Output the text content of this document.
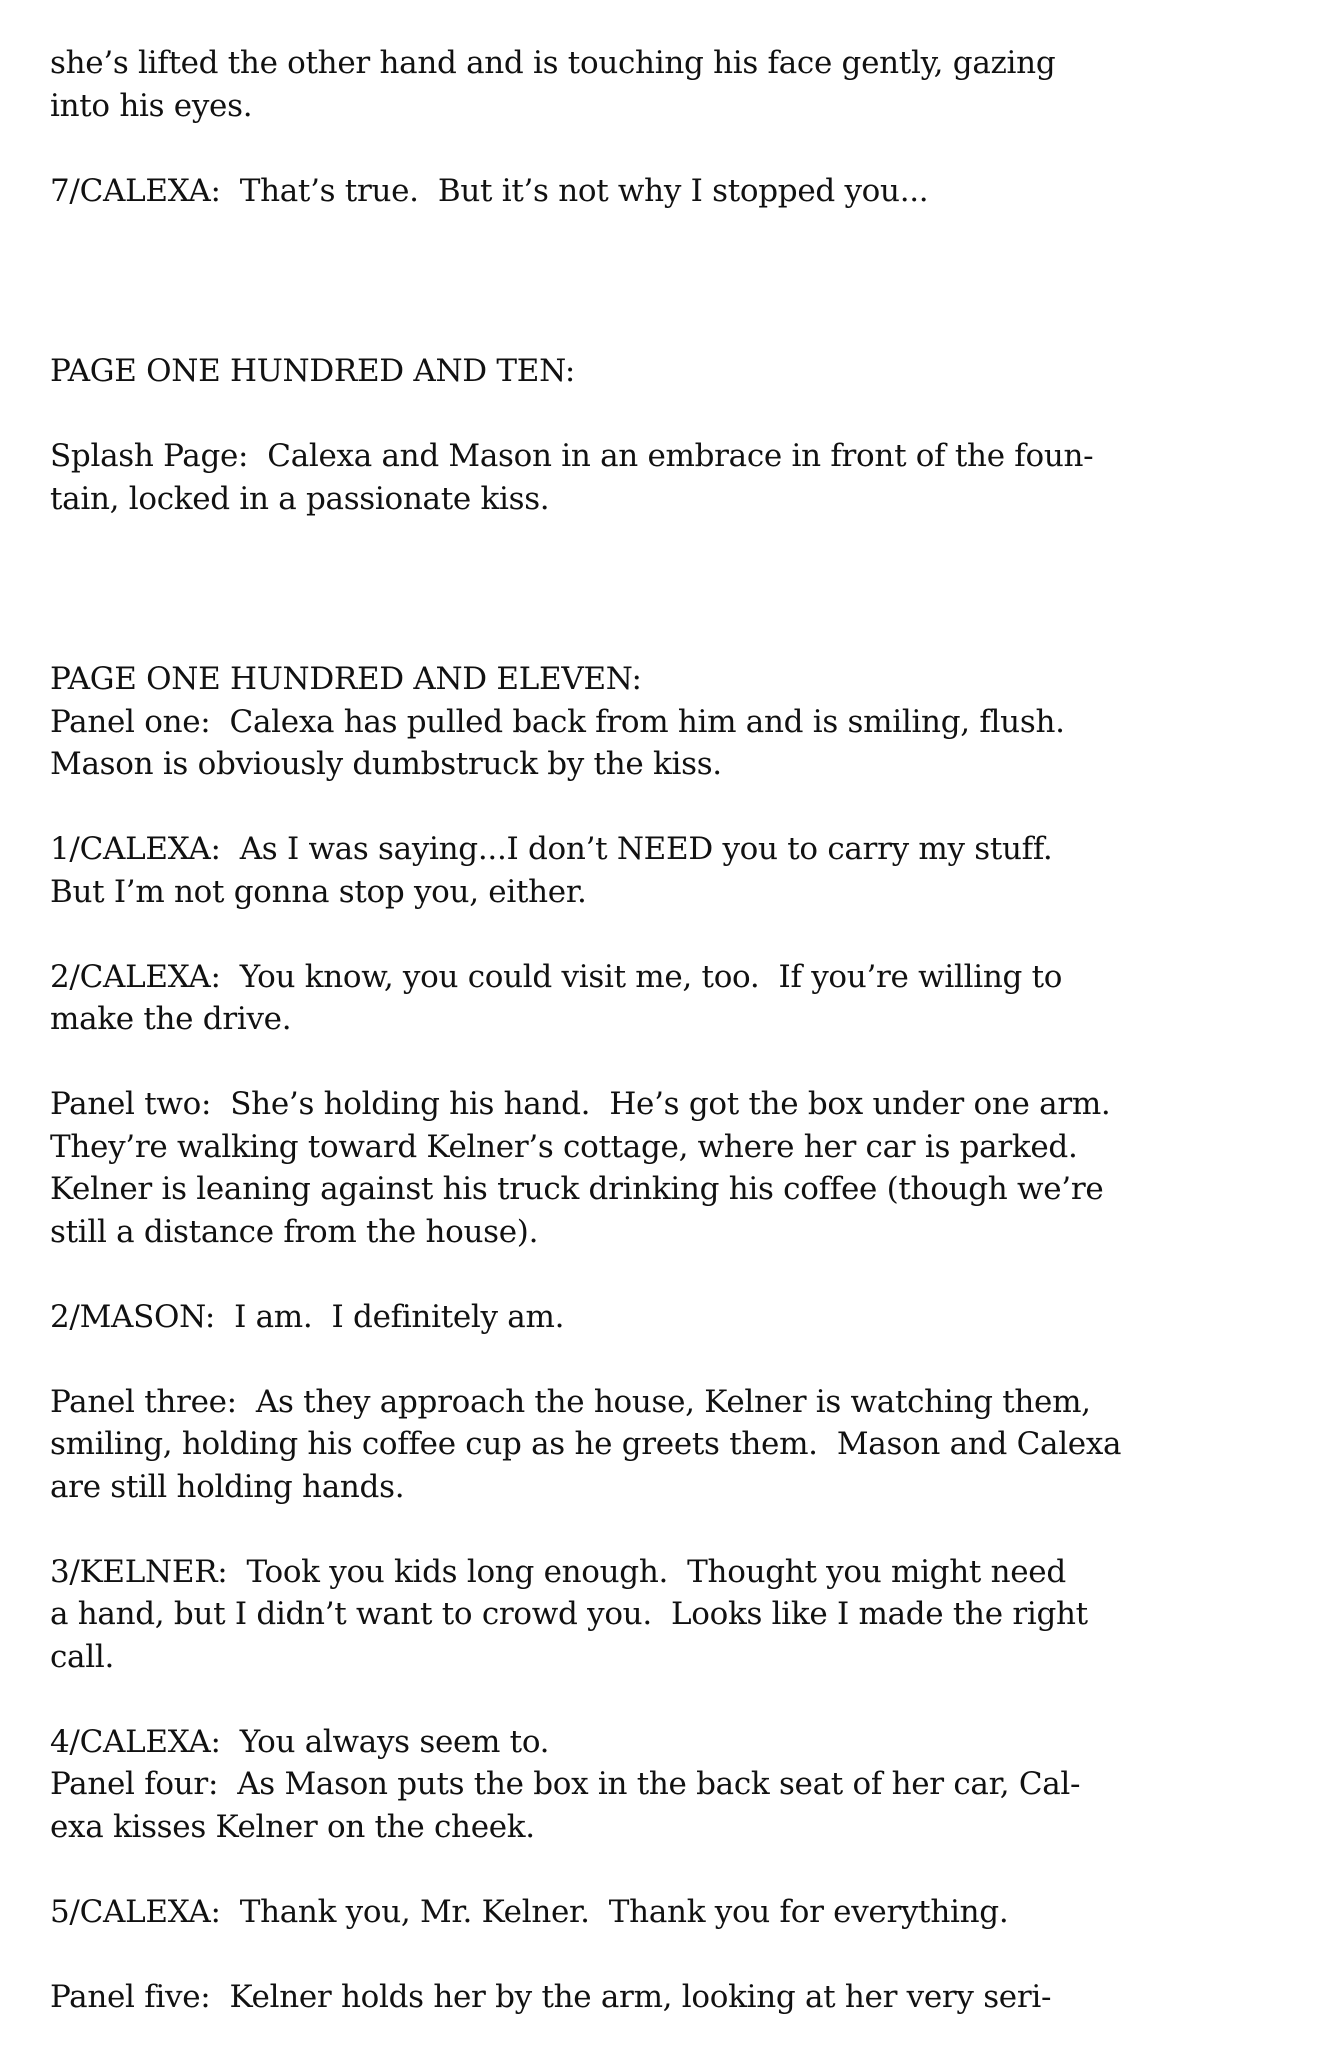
she’s lifted the other hand and is touching his face gently, gazing

into his eyes.

7/CALEXA:  That’s true.  But it’s not why I stopped you...

PAGE ONE HUNDRED AND TEN:

Splash Page:  Calexa and Mason in an embrace in front of the foun-

tain, locked in a passionate kiss.

PAGE ONE HUNDRED AND ELEVEN:

Panel one:  Calexa has pulled back from him and is smiling, flush.

Mason is obviously dumbstruck by the kiss.

1/CALEXA:  As I was saying...I don’t NEED you to carry my stuff.

But I’m not gonna stop you, either.

2/CALEXA:  You know, you could visit me, too.  If you’re willing to

make the drive.

Panel two:  She’s holding his hand.  He’s got the box under one arm.

They’re walking toward Kelner’s cottage, where her car is parked.

Kelner is leaning against his truck drinking his coffee (though we’re

still a distance from the house).

2/MASON:  I am.  I definitely am.

Panel three:  As they approach the house, Kelner is watching them,

smiling, holding his coffee cup as he greets them.  Mason and Calexa

are still holding hands.

3/KELNER:  Took you kids long enough.  Thought you might need

a hand, but I didn’t want to crowd you.  Looks like I made the right

call.

4/CALEXA:  You always seem to.

Panel four:  As Mason puts the box in the back seat of her car, Cal-

exa kisses Kelner on the cheek.

5/CALEXA:  Thank you, Mr. Kelner.  Thank you for everything.

Panel five:  Kelner holds her by the arm, looking at her very seri-
